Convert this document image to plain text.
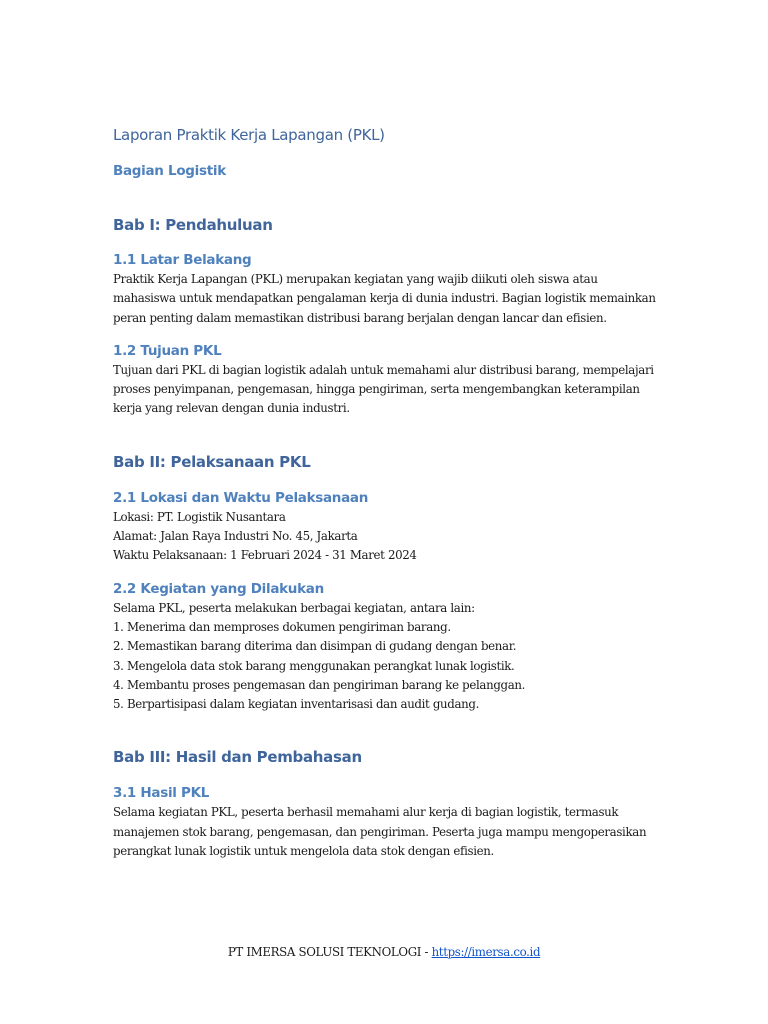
Laporan Praktik Kerja Lapangan (PKL)
Bagian Logistik
Bab I: Pendahuluan
1.1 Latar Belakang

Praktik Kerja Lapangan (PKL) merupakan kegiatan yang wajib diikuti oleh siswa atau mahasiswa untuk mendapatkan pengalaman kerja di dunia industri. Bagian logistik memainkan peran penting dalam memastikan distribusi barang berjalan dengan lancar dan efisien.

1.2 Tujuan PKL

Tujuan dari PKL di bagian logistik adalah untuk memahami alur distribusi barang, mempelajari proses penyimpanan, pengemasan, hingga pengiriman, serta mengembangkan keterampilan kerja yang relevan dengan dunia industri.

Bab II: Pelaksanaan PKL
2.1 Lokasi dan Waktu Pelaksanaan

Lokasi: PT. Logistik Nusantara

Alamat: Jalan Raya Industri No. 45, Jakarta

Waktu Pelaksanaan: 1 Februari 2024 - 31 Maret 2024

2.2 Kegiatan yang Dilakukan

Selama PKL, peserta melakukan berbagai kegiatan, antara lain:

1. Menerima dan memproses dokumen pengiriman barang.

2. Memastikan barang diterima dan disimpan di gudang dengan benar.

3. Mengelola data stok barang menggunakan perangkat lunak logistik.

4. Membantu proses pengemasan dan pengiriman barang ke pelanggan.

5. Berpartisipasi dalam kegiatan inventarisasi dan audit gudang.

Bab III: Hasil dan Pembahasan
3.1 Hasil PKL

Selama kegiatan PKL, peserta berhasil memahami alur kerja di bagian logistik, termasuk manajemen stok barang, pengemasan, dan pengiriman. Peserta juga mampu mengoperasikan perangkat lunak logistik untuk mengelola data stok dengan efisien.

PT IMERSA SOLUSI TEKNOLOGI - https://imersa.co.id
